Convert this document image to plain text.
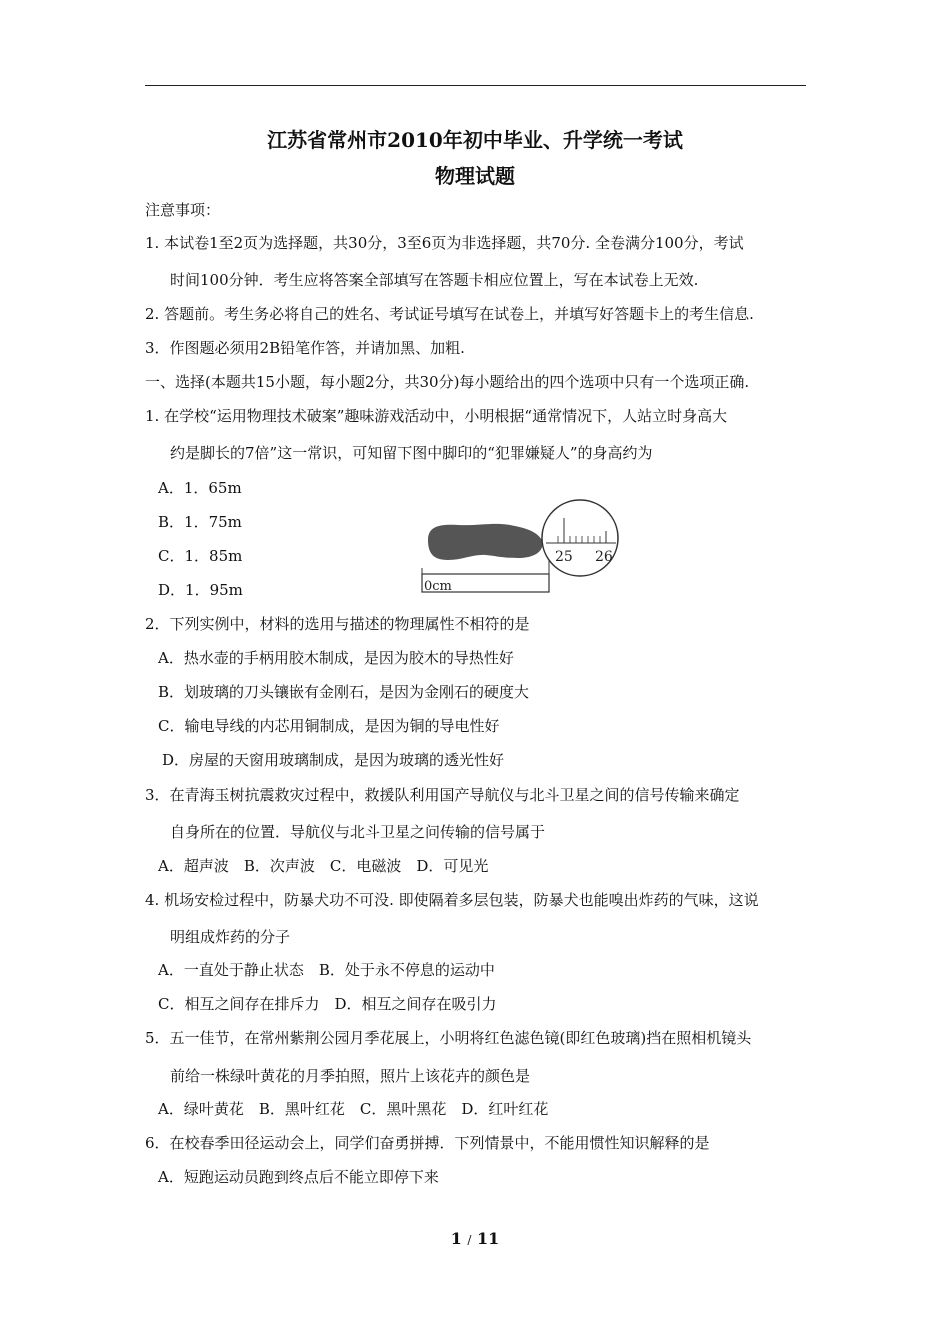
江苏省常州市2010年初中毕业、升学统一考试
物理试题
注意事项：
1. 本试卷1至2页为选择题，共30分，3至6页为非选择题，共70分. 全卷满分100分，考试
时间100分钟．考生应将答案全部填写在答题卡相应位置上，写在本试卷上无效.
2. 答题前。考生务必将自己的姓名、考试证号填写在试卷上，并填写好答题卡上的考生信息.
3．作图题必须用2B铅笔作答，并请加黑、加粗.
一、选择(本题共15小题，每小题2分，共30分)每小题给出的四个选项中只有一个选项正确.
1. 在学校“运用物理技术破案”趣味游戏活动中，小明根据“通常情况下，人站立时身高大
约是脚长的7倍”这一常识，可知留下图中脚印的“犯罪嫌疑人”的身高约为
A．1．65m
B．1．75m
C．1．85m
D．1．95m	0cm
25 26
2．下列实例中，材料的选用与描述的物理属性不相符的是
A．热水壶的手柄用胶木制成，是因为胶木的导热性好
B．划玻璃的刀头镶嵌有金刚石，是因为金刚石的硬度大
C．输电导线的内芯用铜制成，是因为铜的导电性好
D．房屋的天窗用玻璃制成，是因为玻璃的透光性好
3．在青海玉树抗震救灾过程中，救援队利用国产导航仪与北斗卫星之间的信号传输来确定
自身所在的位置．导航仪与北斗卫星之问传输的信号属于
A．超声波　B．次声波　C．电磁波　D．可见光
4. 机场安检过程中，防暴犬功不可没. 即使隔着多层包装，防暴犬也能嗅出炸药的气味，这说
明组成炸药的分子
A．一直处于静止状态　B．处于永不停息的运动中
C．相互之间存在排斥力　D．相互之间存在吸引力
5．五一佳节，在常州紫荆公园月季花展上，小明将红色滤色镜(即红色玻璃)挡在照相机镜头
前给一株绿叶黄花的月季拍照，照片上该花卉的颜色是
A．绿叶黄花　B．黑叶红花　C．黑叶黑花　D．红叶红花
6．在校春季田径运动会上，同学们奋勇拼搏．下列情景中，不能用惯性知识解释的是
A．短跑运动员跑到终点后不能立即停下来
1 / 11
